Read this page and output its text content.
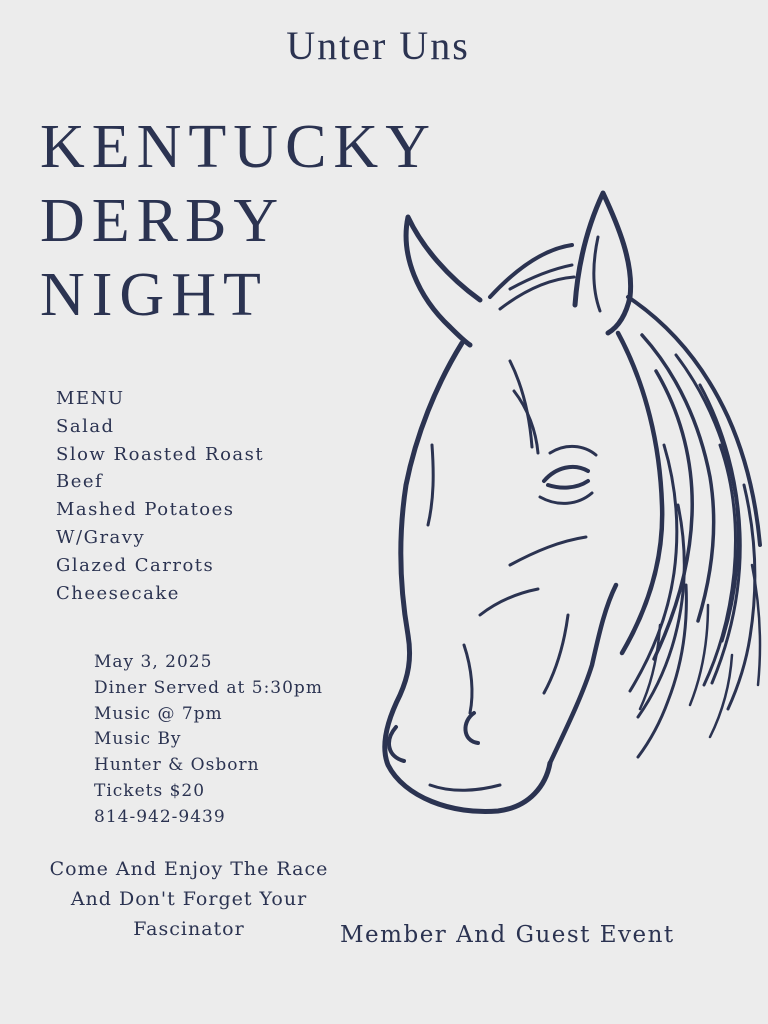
Unter Uns
KENTUCKY
DERBY
NIGHT
MENU
Salad
Slow Roasted Roast
Beef
Mashed Potatoes
W/Gravy
Glazed Carrots
Cheesecake
May 3, 2025
Diner Served at 5:30pm
Music @ 7pm
Music By
Hunter & Osborn
Tickets $20
814-942-9439
Come And Enjoy The Race
And Don't Forget Your
Fascinator	Member And Guest Event
